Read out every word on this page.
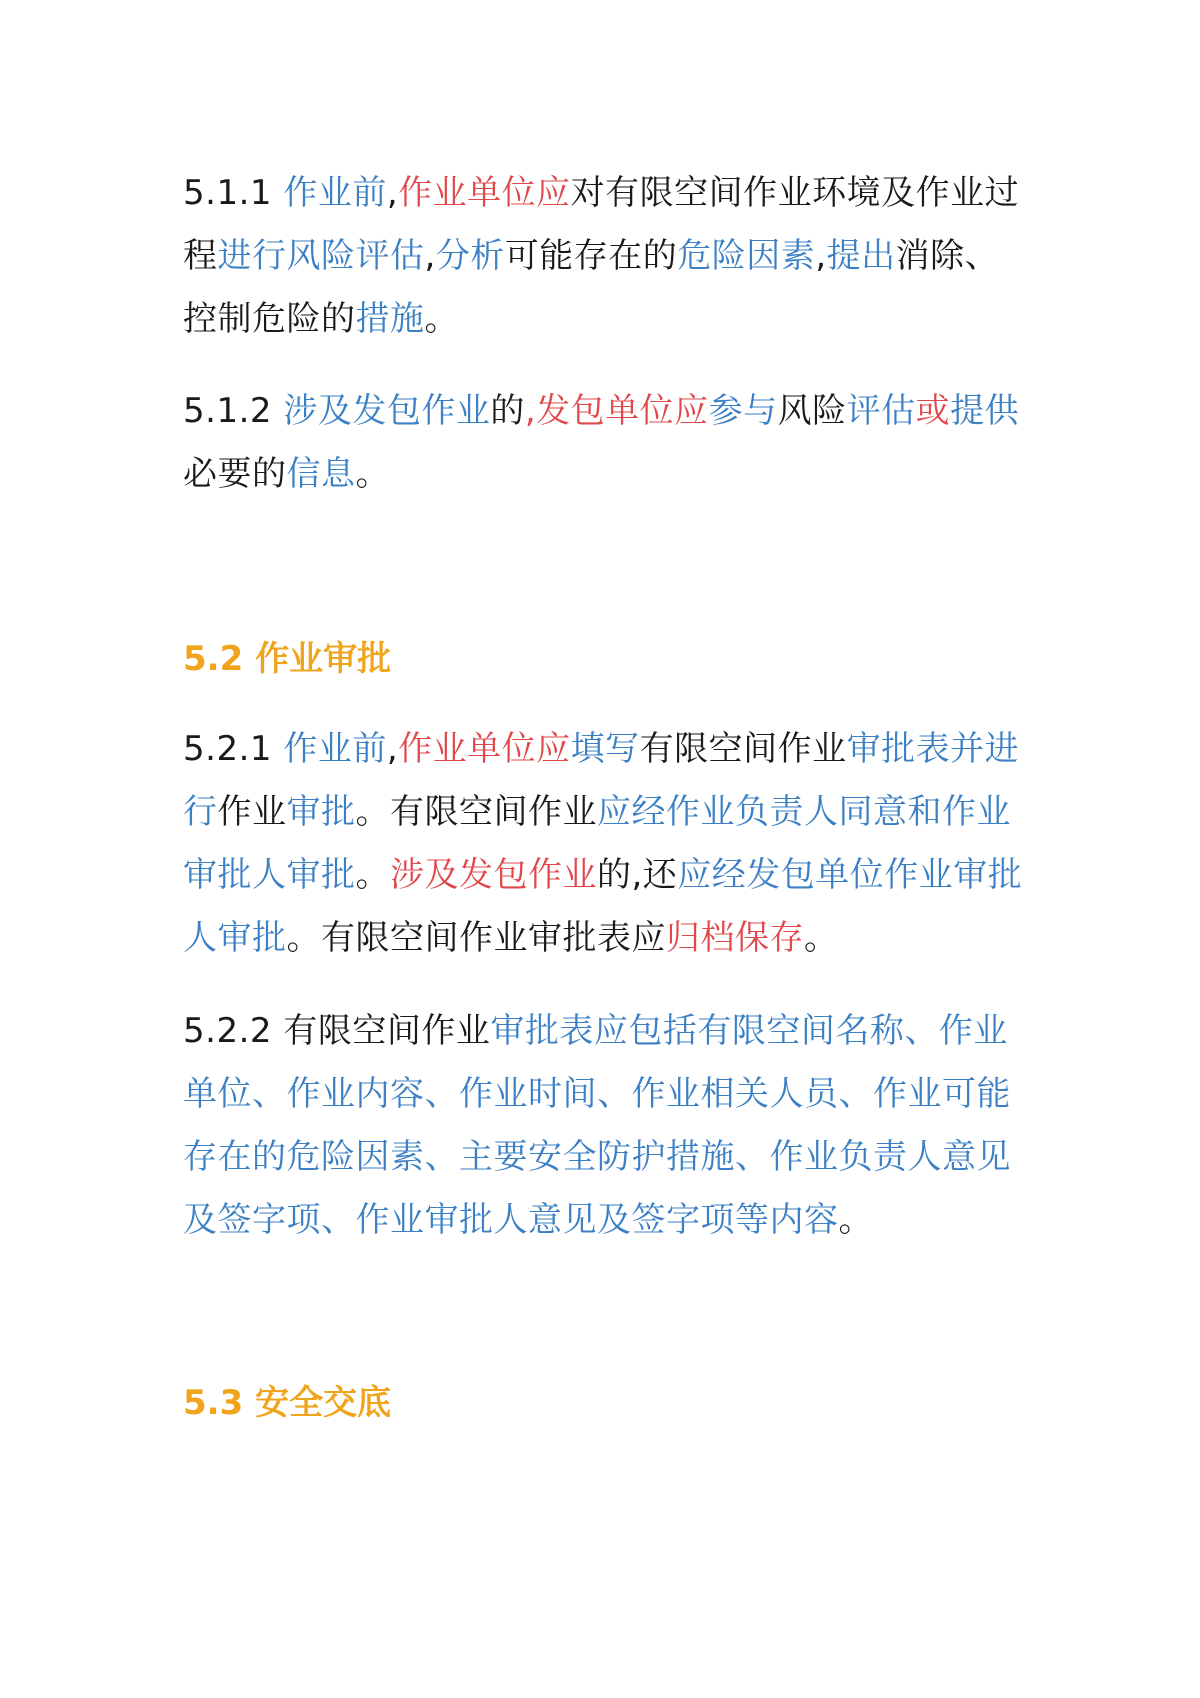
5.1.1 作业前,作业单位应对有限空间作业环境及作业过程进行风险评估,分析可能存在的危险因素,提出消除、 控制危险的措施。

5.1.2 涉及发包作业的,发包单位应参与风险评估或提供必要的信息。

5.2 作业审批

5.2.1 作业前,作业单位应填写有限空间作业审批表并进行作业审批。有限空间作业应经作业负责人同意和作业审批人审批。涉及发包作业的,还应经发包单位作业审批人审批。有限空间作业审批表应归档保存。

5.2.2 有限空间作业审批表应包括有限空间名称、作业单位、作业内容、作业时间、作业相关人员、作业可能存在的危险因素、主要安全防护措施、作业负责人意见及签字项、作业审批人意见及签字项等内容。

5.3 安全交底
